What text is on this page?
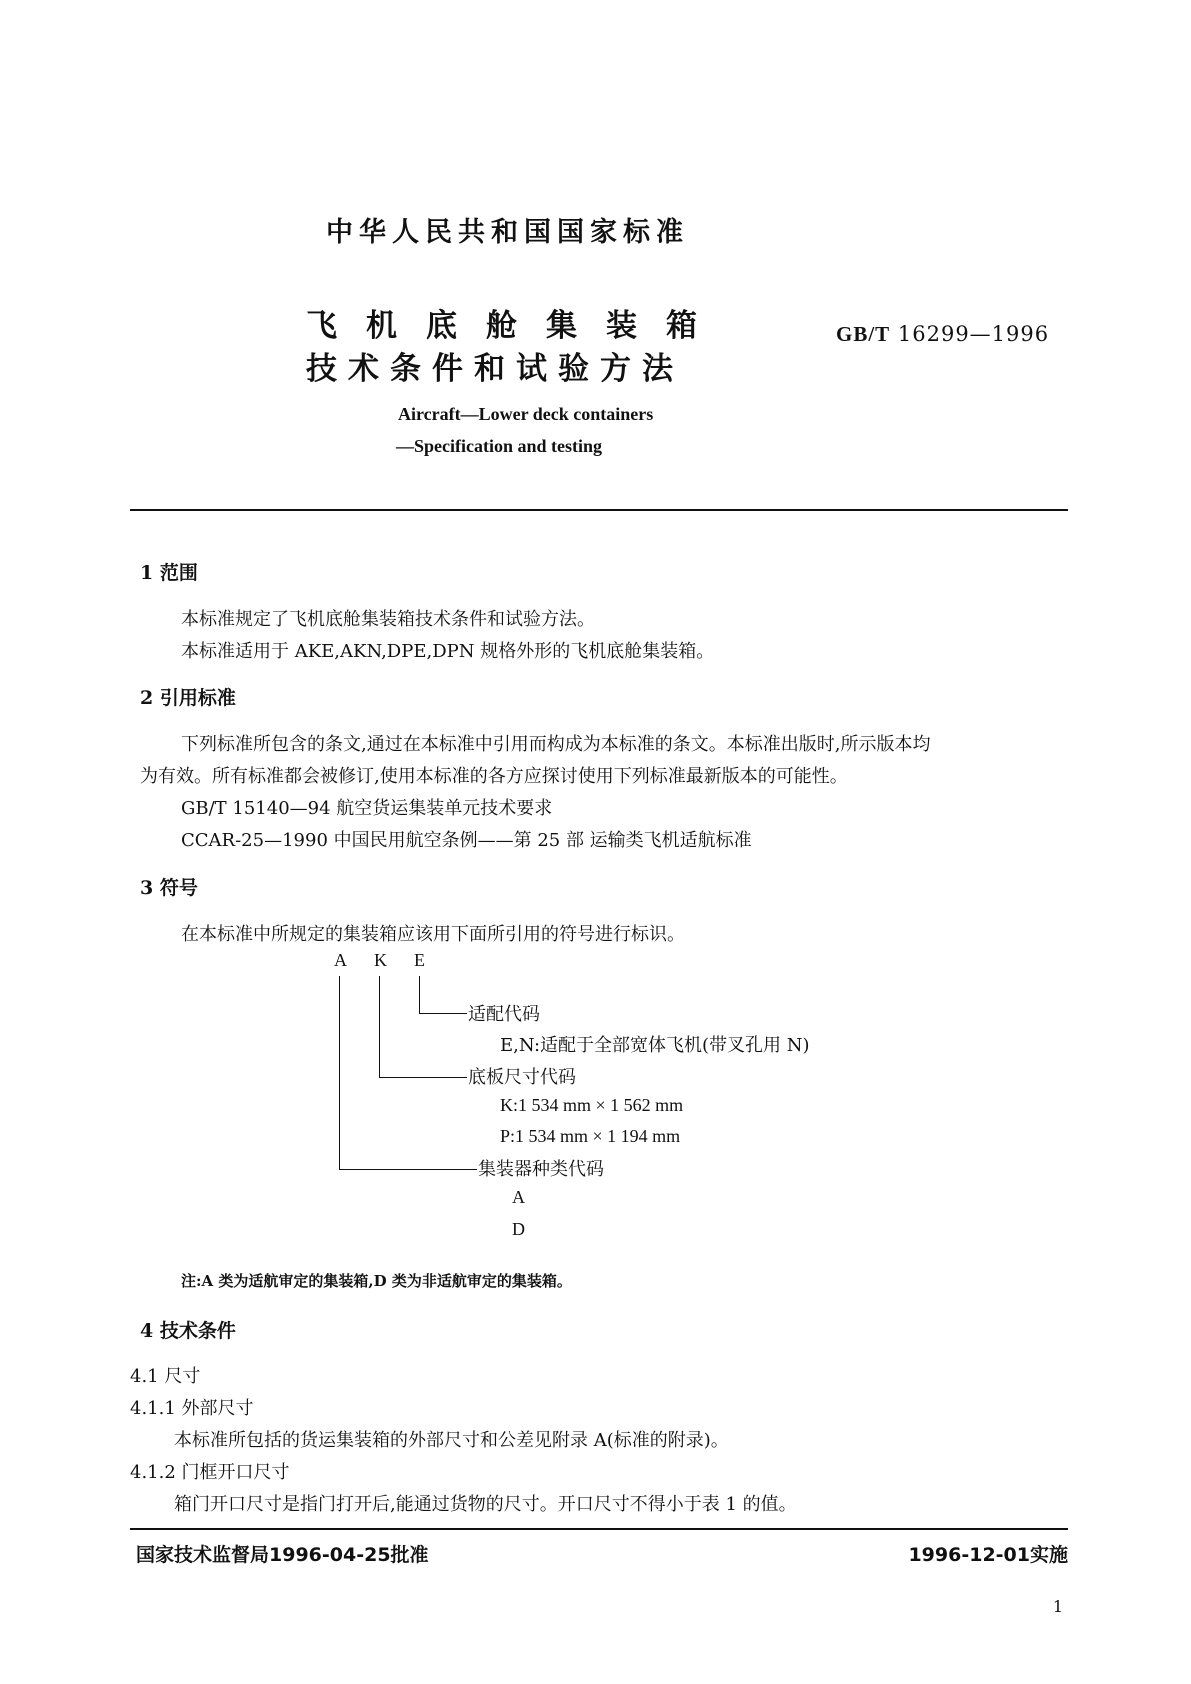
中华人民共和国国家标准
飞机底舱集装箱
技术条件和试验方法
GB/T 16299—1996
Aircraft—Lower deck containers
—Specification and testing
1 范围
本标准规定了飞机底舱集装箱技术条件和试验方法。
本标准适用于 AKE,AKN,DPE,DPN 规格外形的飞机底舱集装箱。
2 引用标准
下列标准所包含的条文,通过在本标准中引用而构成为本标准的条文。本标准出版时,所示版本均
为有效。所有标准都会被修订,使用本标准的各方应探讨使用下列标准最新版本的可能性。
GB/T 15140—94 航空货运集装单元技术要求
CCAR-25—1990 中国民用航空条例——第 25 部 运输类飞机适航标准
3 符号
在本标准中所规定的集装箱应该用下面所引用的符号进行标识。
A K E
适配代码
E,N:适配于全部宽体飞机(带叉孔用 N)
底板尺寸代码
K:1 534 mm × 1 562 mm
P:1 534 mm × 1 194 mm
集装器种类代码
A
D
注:A 类为适航审定的集装箱,D 类为非适航审定的集装箱。
4 技术条件
4.1 尺寸
4.1.1 外部尺寸
本标准所包括的货运集装箱的外部尺寸和公差见附录 A(标准的附录)。
4.1.2 门框开口尺寸
箱门开口尺寸是指门打开后,能通过货物的尺寸。开口尺寸不得小于表 1 的值。
国家技术监督局1996-04-25批准	1996-12-01实施
1
